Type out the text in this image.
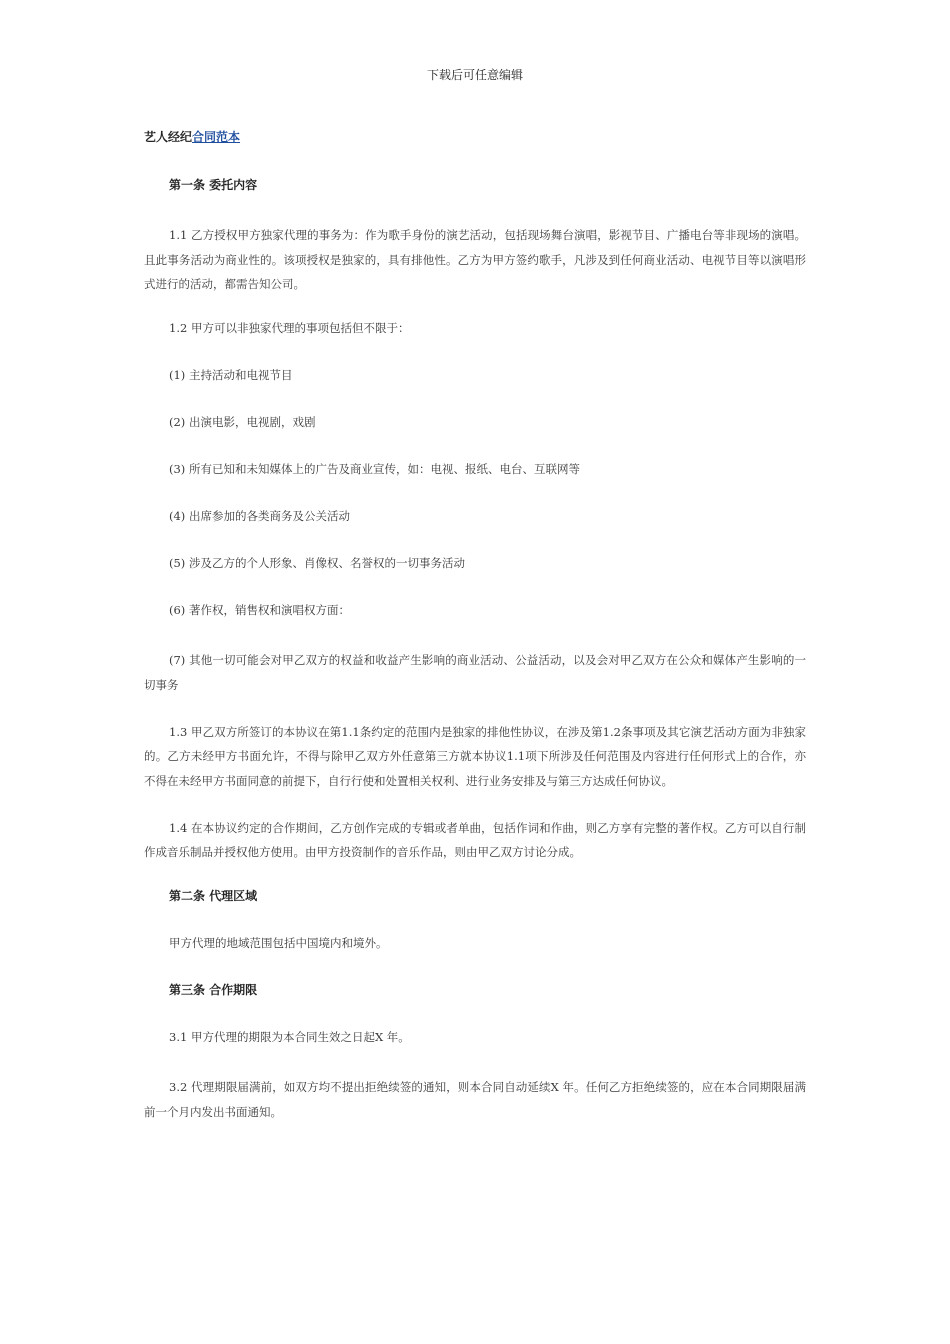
下载后可任意编辑
艺人经纪合同范本
第一条 委托内容
1.1 乙方授权甲方独家代理的事务为：作为歌手身份的演艺活动，包括现场舞台演唱，影视节目、广播电台等非现场的演唱。且此事务活动为商业性的。该项授权是独家的，具有排他性。乙方为甲方签约歌手，凡涉及到任何商业活动、电视节目等以演唱形式进行的活动，都需告知公司。
1.2 甲方可以非独家代理的事项包括但不限于：
(1) 主持活动和电视节目
(2) 出演电影，电视剧，戏剧
(3) 所有已知和未知媒体上的广告及商业宣传，如：电视、报纸、电台、互联网等
(4) 出席参加的各类商务及公关活动
(5) 涉及乙方的个人形象、肖像权、名誉权的一切事务活动
(6) 著作权，销售权和演唱权方面：
(7) 其他一切可能会对甲乙双方的权益和收益产生影响的商业活动、公益活动，以及会对甲乙双方在公众和媒体产生影响的一切事务
1.3 甲乙双方所签订的本协议在第1.1条约定的范围内是独家的排他性协议，在涉及第1.2条事项及其它演艺活动方面为非独家的。乙方未经甲方书面允许，不得与除甲乙双方外任意第三方就本协议1.1项下所涉及任何范围及内容进行任何形式上的合作，亦不得在未经甲方书面同意的前提下，自行行使和处置相关权利、进行业务安排及与第三方达成任何协议。
1.4 在本协议约定的合作期间，乙方创作完成的专辑或者单曲，包括作词和作曲，则乙方享有完整的著作权。乙方可以自行制作成音乐制品并授权他方使用。由甲方投资制作的音乐作品，则由甲乙双方讨论分成。
第二条 代理区域
甲方代理的地域范围包括中国境内和境外。
第三条 合作期限
3.1 甲方代理的期限为本合同生效之日起X 年。
3.2 代理期限届满前，如双方均不提出拒绝续签的通知，则本合同自动延续X 年。任何乙方拒绝续签的，应在本合同期限届满前一个月内发出书面通知。
